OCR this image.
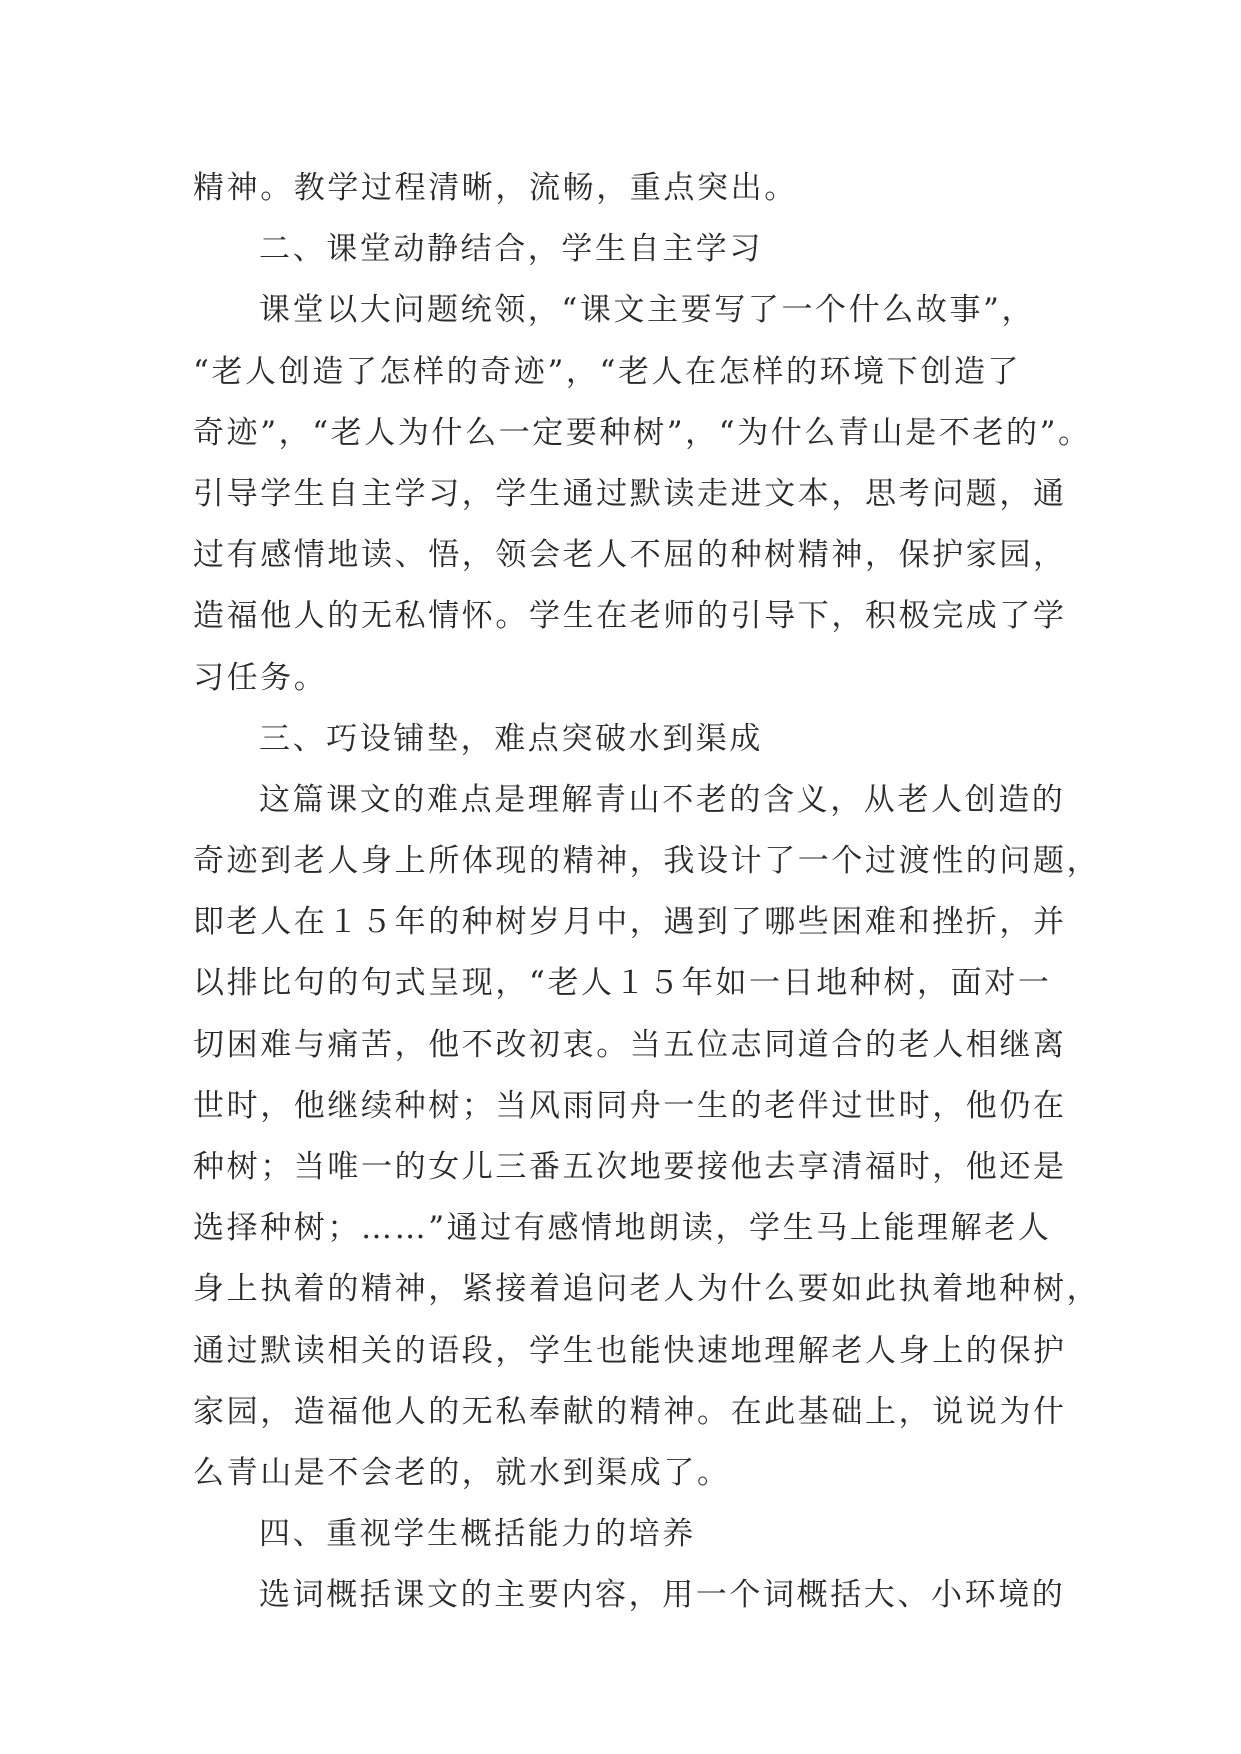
精神。教学过程清晰，流畅，重点突出。
二、课堂动静结合，学生自主学习
课堂以大问题统领，“课文主要写了一个什么故事”，
“老人创造了怎样的奇迹”，“老人在怎样的环境下创造了
奇迹”，“老人为什么一定要种树”，“为什么青山是不老的”。
引导学生自主学习，学生通过默读走进文本，思考问题，通
过有感情地读、悟，领会老人不屈的种树精神，保护家园，
造福他人的无私情怀。学生在老师的引导下，积极完成了学
习任务。
三、巧设铺垫，难点突破水到渠成
这篇课文的难点是理解青山不老的含义，从老人创造的
奇迹到老人身上所体现的精神，我设计了一个过渡性的问题，
即老人在１５年的种树岁月中，遇到了哪些困难和挫折，并
以排比句的句式呈现，“老人１５年如一日地种树，面对一
切困难与痛苦，他不改初衷。当五位志同道合的老人相继离
世时，他继续种树；当风雨同舟一生的老伴过世时，他仍在
种树；当唯一的女儿三番五次地要接他去享清福时，他还是
选择种树；……”通过有感情地朗读，学生马上能理解老人
身上执着的精神，紧接着追问老人为什么要如此执着地种树，
通过默读相关的语段，学生也能快速地理解老人身上的保护
家园，造福他人的无私奉献的精神。在此基础上，说说为什
么青山是不会老的，就水到渠成了。
四、重视学生概括能力的培养
选词概括课文的主要内容，用一个词概括大、小环境的
